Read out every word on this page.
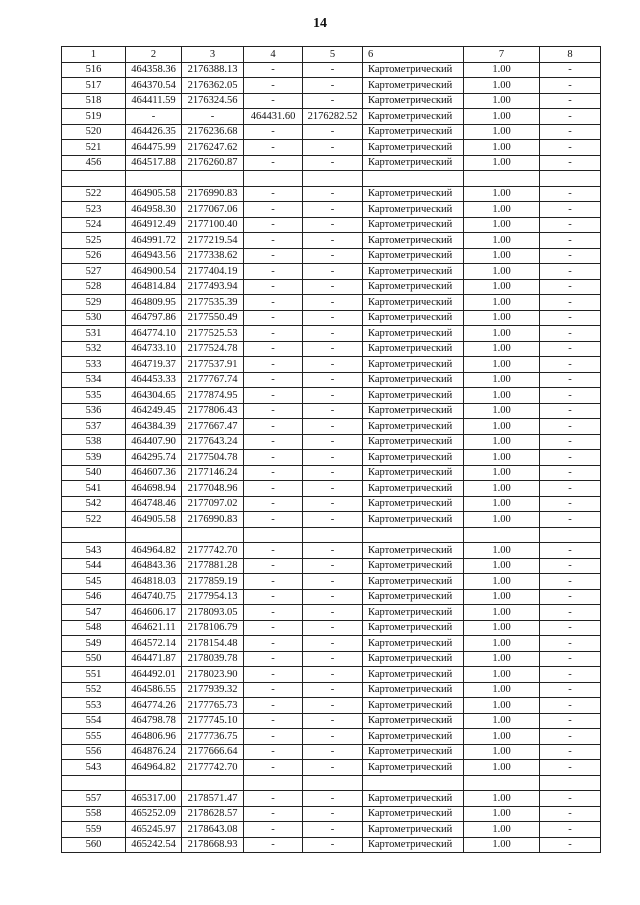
14
1	2	3	4	5	6	7	8
516	464358.36	2176388.13	-	-	Картометрический	1.00	-
517	464370.54	2176362.05	-	-	Картометрический	1.00	-
518	464411.59	2176324.56	-	-	Картометрический	1.00	-
519	-	-	464431.60	2176282.52	Картометрический	1.00	-
520	464426.35	2176236.68	-	-	Картометрический	1.00	-
521	464475.99	2176247.62	-	-	Картометрический	1.00	-
456	464517.88	2176260.87	-	-	Картометрический	1.00	-

522	464905.58	2176990.83	-	-	Картометрический	1.00	-
523	464958.30	2177067.06	-	-	Картометрический	1.00	-
524	464912.49	2177100.40	-	-	Картометрический	1.00	-
525	464991.72	2177219.54	-	-	Картометрический	1.00	-
526	464943.56	2177338.62	-	-	Картометрический	1.00	-
527	464900.54	2177404.19	-	-	Картометрический	1.00	-
528	464814.84	2177493.94	-	-	Картометрический	1.00	-
529	464809.95	2177535.39	-	-	Картометрический	1.00	-
530	464797.86	2177550.49	-	-	Картометрический	1.00	-
531	464774.10	2177525.53	-	-	Картометрический	1.00	-
532	464733.10	2177524.78	-	-	Картометрический	1.00	-
533	464719.37	2177537.91	-	-	Картометрический	1.00	-
534	464453.33	2177767.74	-	-	Картометрический	1.00	-
535	464304.65	2177874.95	-	-	Картометрический	1.00	-
536	464249.45	2177806.43	-	-	Картометрический	1.00	-
537	464384.39	2177667.47	-	-	Картометрический	1.00	-
538	464407.90	2177643.24	-	-	Картометрический	1.00	-
539	464295.74	2177504.78	-	-	Картометрический	1.00	-
540	464607.36	2177146.24	-	-	Картометрический	1.00	-
541	464698.94	2177048.96	-	-	Картометрический	1.00	-
542	464748.46	2177097.02	-	-	Картометрический	1.00	-
522	464905.58	2176990.83	-	-	Картометрический	1.00	-

543	464964.82	2177742.70	-	-	Картометрический	1.00	-
544	464843.36	2177881.28	-	-	Картометрический	1.00	-
545	464818.03	2177859.19	-	-	Картометрический	1.00	-
546	464740.75	2177954.13	-	-	Картометрический	1.00	-
547	464606.17	2178093.05	-	-	Картометрический	1.00	-
548	464621.11	2178106.79	-	-	Картометрический	1.00	-
549	464572.14	2178154.48	-	-	Картометрический	1.00	-
550	464471.87	2178039.78	-	-	Картометрический	1.00	-
551	464492.01	2178023.90	-	-	Картометрический	1.00	-
552	464586.55	2177939.32	-	-	Картометрический	1.00	-
553	464774.26	2177765.73	-	-	Картометрический	1.00	-
554	464798.78	2177745.10	-	-	Картометрический	1.00	-
555	464806.96	2177736.75	-	-	Картометрический	1.00	-
556	464876.24	2177666.64	-	-	Картометрический	1.00	-
543	464964.82	2177742.70	-	-	Картометрический	1.00	-

557	465317.00	2178571.47	-	-	Картометрический	1.00	-
558	465252.09	2178628.57	-	-	Картометрический	1.00	-
559	465245.97	2178643.08	-	-	Картометрический	1.00	-
560	465242.54	2178668.93	-	-	Картометрический	1.00	-
